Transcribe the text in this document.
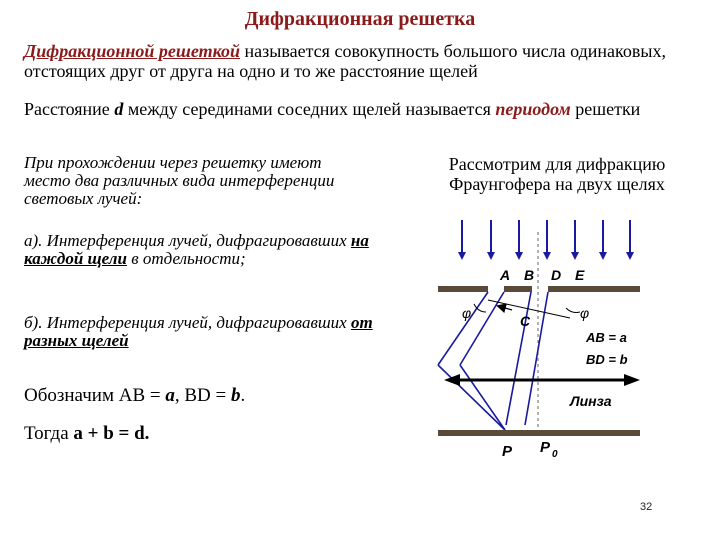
Дифракционная решетка
Дифракционной решеткой называется совокупность большого числа одинаковых, отстоящих друг от друга на одно и то же расстояние щелей
Расстояние d между серединами соседних щелей называется периодом решетки
При прохождении через решетку имеют место два различных вида интерференции световых лучей:
а). Интерференция лучей, дифрагировавших на каждой щели в отдельности;
б). Интерференция лучей, дифрагировавших от разных щелей
Рассмотрим для дифракцию Фраунгофера на двух щелях
Обозначим АВ = a, ВD = b.
Тогда a + b = d.
A B D E
φ	φ
C
AB = a
BD = b
Линза
P P 0
32
